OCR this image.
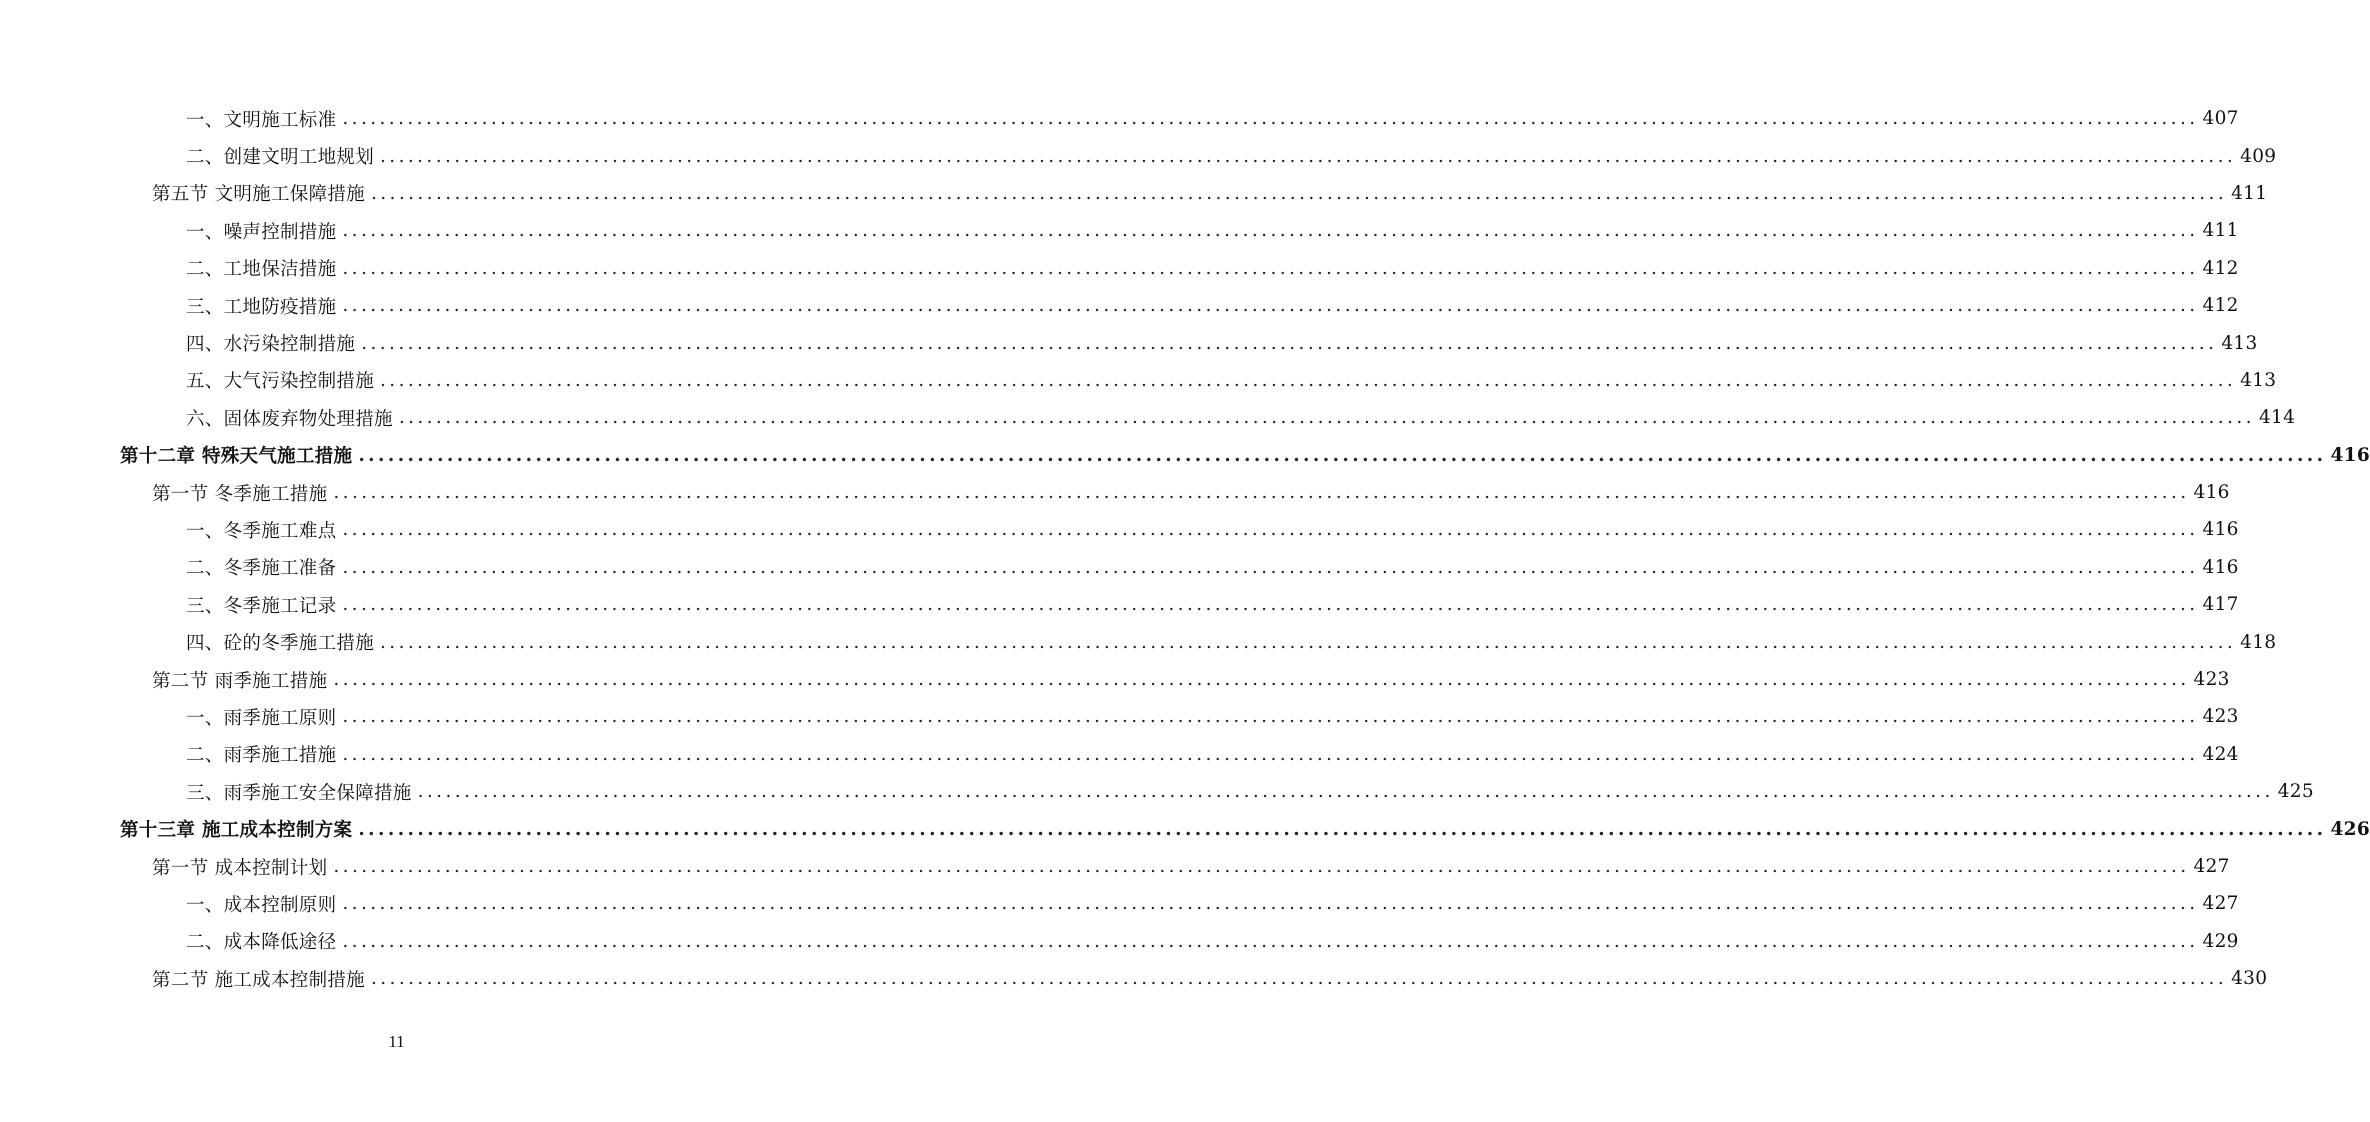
一、文明施工标准 ........................................................................................................................................................................................................ 407
二、创建文明工地规划 ........................................................................................................................................................................................................ 409
第五节 文明施工保障措施 ........................................................................................................................................................................................................ 411
一、噪声控制措施 ........................................................................................................................................................................................................ 411
二、工地保洁措施 ........................................................................................................................................................................................................ 412
三、工地防疫措施 ........................................................................................................................................................................................................ 412
四、水污染控制措施 ........................................................................................................................................................................................................ 413
五、大气污染控制措施 ........................................................................................................................................................................................................ 413
六、固体废弃物处理措施 ........................................................................................................................................................................................................ 414
第十二章 特殊天气施工措施 ........................................................................................................................................................................................................ 416
第一节 冬季施工措施 ........................................................................................................................................................................................................ 416
一、冬季施工难点 ........................................................................................................................................................................................................ 416
二、冬季施工准备 ........................................................................................................................................................................................................ 416
三、冬季施工记录 ........................................................................................................................................................................................................ 417
四、砼的冬季施工措施 ........................................................................................................................................................................................................ 418
第二节 雨季施工措施 ........................................................................................................................................................................................................ 423
一、雨季施工原则 ........................................................................................................................................................................................................ 423
二、雨季施工措施 ........................................................................................................................................................................................................ 424
三、雨季施工安全保障措施 ........................................................................................................................................................................................................ 425
第十三章 施工成本控制方案 ........................................................................................................................................................................................................ 426
第一节 成本控制计划 ........................................................................................................................................................................................................ 427
一、成本控制原则 ........................................................................................................................................................................................................ 427
二、成本降低途径 ........................................................................................................................................................................................................ 429
第二节 施工成本控制措施 ........................................................................................................................................................................................................ 430
11
